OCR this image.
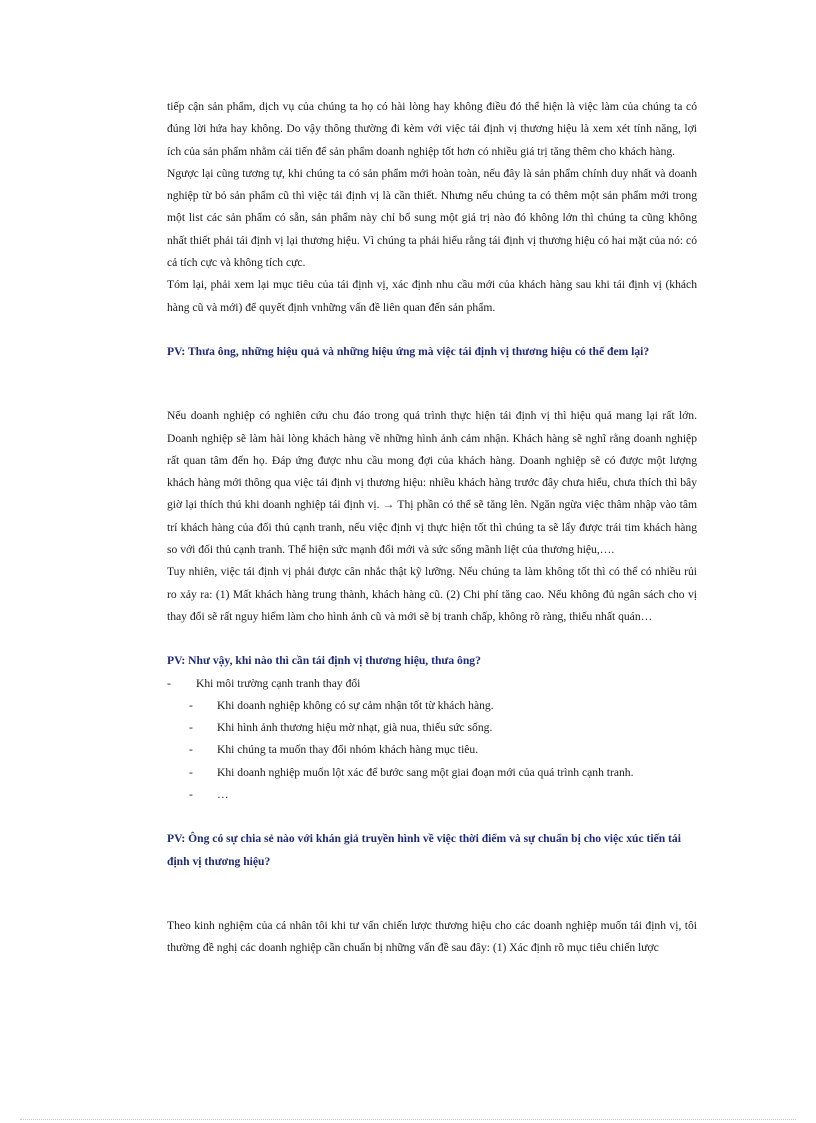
tiếp cận sản phẩm, dịch vụ của chúng ta họ có hài lòng hay không điều đó thể hiện là việc làm của chúng ta có đúng lời hứa hay không. Do vậy thông thường đi kèm với việc tái định vị thương hiệu là xem xét tính năng, lợi ích của sản phẩm nhằm cải tiến để sản phẩm doanh nghiệp tốt hơn có nhiều giá trị tăng thêm cho khách hàng.

Ngược lại cũng tương tự, khi chúng ta có sản phẩm mới hoàn toàn, nếu đây là sản phẩm chính duy nhất và doanh nghiệp từ bỏ sản phẩm cũ thì việc tái định vị là cần thiết. Nhưng nếu chúng ta có thêm một sản phẩm mới trong một list các sản phẩm có sẵn, sản phẩm này chỉ bổ sung một giá trị nào đó không lớn thì chúng ta cũng không nhất thiết phải tái định vị lại thương hiệu. Vì chúng ta phải hiểu rằng tái định vị thương hiệu có hai mặt của nó: có cả tích cực và không tích cực.

Tóm lại, phải xem lại mục tiêu của tái định vị, xác định nhu cầu mới của khách hàng sau khi tái định vị (khách hàng cũ và mới) để quyết định vnhững vấn đề liên quan đến sản phẩm.

PV: Thưa ông, những hiệu quả và những hiệu ứng mà việc tái định vị thương hiệu có thể đem lại?

Nếu doanh nghiệp có nghiên cứu chu đáo trong quá trình thực hiện tái định vị thì hiệu quả mang lại rất lớn. Doanh nghiệp sẽ làm hài lòng khách hàng về những hình ảnh cảm nhận. Khách hàng sẽ nghĩ rằng doanh nghiệp rất quan tâm đến họ. Đáp ứng được nhu cầu mong đợi của khách hàng. Doanh nghiệp sẽ có được một lượng khách hàng mới thông qua việc tái định vị thương hiệu: nhiều khách hàng trước đây chưa hiểu, chưa thích thì bây giờ lại thích thú khi doanh nghiệp tái định vị. → Thị phần có thể sẽ tăng lên. Ngăn ngừa việc thâm nhập vào tâm trí khách hàng của đối thủ cạnh tranh, nếu việc định vị thực hiện tốt thì chúng ta sẽ lấy được trái tim khách hàng so với đối thủ cạnh tranh. Thể hiện sức mạnh đổi mới và sức sống mãnh liệt của thương hiệu,….

Tuy nhiên, việc tái định vị phải được cân nhắc thật kỹ lưỡng. Nếu chúng ta làm không tốt thì có thể có nhiều rủi ro xảy ra: (1) Mất khách hàng trung thành, khách hàng cũ. (2) Chi phí tăng cao. Nếu không đủ ngân sách cho vị thay đổi sẽ rất nguy hiểm làm cho hình ảnh cũ và mới sẽ bị tranh chấp, không rõ ràng, thiếu nhất quán…

PV: Như vậy, khi nào thì cần tái định vị thương hiệu, thưa ông?

-	Khi môi trường cạnh tranh thay đổi
-	Khi doanh nghiệp không có sự cảm nhận tốt từ khách hàng.
-	Khi hình ảnh thương hiệu mờ nhạt, già nua, thiếu sức sống.
-	Khi chúng ta muốn thay đổi nhóm khách hàng mục tiêu.
-	Khi doanh nghiệp muốn lột xác để bước sang một giai đoạn mới của quá trình cạnh tranh.
-	…

PV: Ông có sự chia sẻ nào với khán giả truyền hình về việc thời điểm và sự chuẩn bị cho việc xúc tiến tái định vị thương hiệu?

Theo kinh nghiệm của cá nhân tôi khi tư vấn chiến lược thương hiệu cho các doanh nghiệp muốn tái định vị, tôi thường đề nghị các doanh nghiệp cần chuẩn bị những vấn đề sau đây: (1) Xác định rõ mục tiêu chiến lược
